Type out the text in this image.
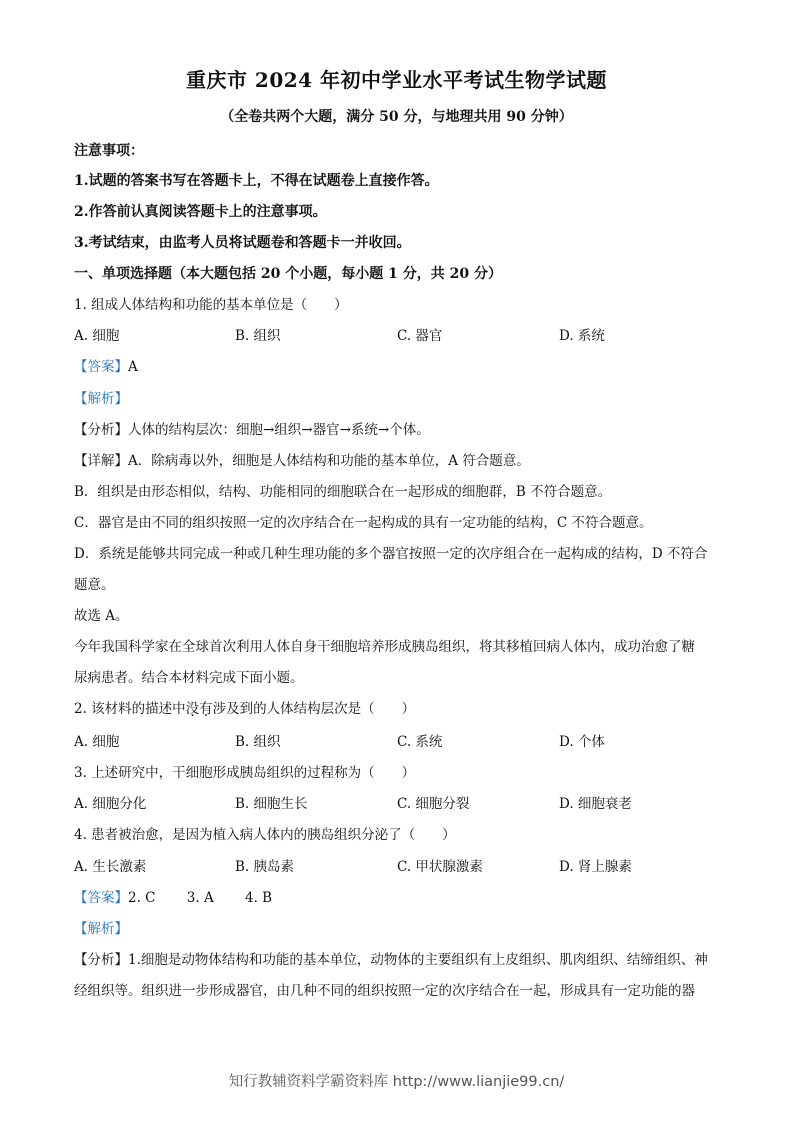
重庆市 2024 年初中学业水平考试生物学试题
（全卷共两个大题，满分 50 分，与地理共用 90 分钟）
注意事项：
1.试题的答案书写在答题卡上，不得在试题卷上直接作答。
2.作答前认真阅读答题卡上的注意事项。
3.考试结束，由监考人员将试题卷和答题卡一并收回。
一、单项选择题（本大题包括 20 个小题，每小题 1 分，共 20 分）
1. 组成人体结构和功能的基本单位是（　　）
A. 细胞	B. 组织	C. 器官	D. 系统
【答案】A
【解析】
【分析】人体的结构层次：细胞→组织→器官→系统→个体。
【详解】A．除病毒以外，细胞是人体结构和功能的基本单位，A 符合题意。
B．组织是由形态相似，结构、功能相同的细胞联合在一起形成的细胞群，B 不符合题意。
C．器官是由不同的组织按照一定的次序结合在一起构成的具有一定功能的结构，C 不符合题意。
D．系统是能够共同完成一种或几种生理功能的多个器官按照一定的次序组合在一起构成的结构，D 不符合
题意。
故选 A。
今年我国科学家在全球首次利用人体自身干细胞培养形成胰岛组织，将其移植回病人体内，成功治愈了糖
尿病患者。结合本材料完成下面小题。
2. 该材料的描述中没有涉及到的人体结构层次是（　　）
A. 细胞	B. 组织	C. 系统	D. 个体
3. 上述研究中，干细胞形成胰岛组织的过程称为（　　）
A. 细胞分化	B. 细胞生长	C. 细胞分裂	D. 细胞衰老
4. 患者被治愈，是因为植入病人体内的胰岛组织分泌了（　　）
A. 生长激素	B. 胰岛素	C. 甲状腺激素	D. 肾上腺素
【答案】2. C　　 3. A　　 4. B
【解析】
【分析】1.细胞是动物体结构和功能的基本单位，动物体的主要组织有上皮组织、肌肉组织、结缔组织、神
经组织等。组织进一步形成器官，由几种不同的组织按照一定的次序结合在一起，形成具有一定功能的器
知行教辅资料学霸资料库 http://www.lianjie99.cn/
